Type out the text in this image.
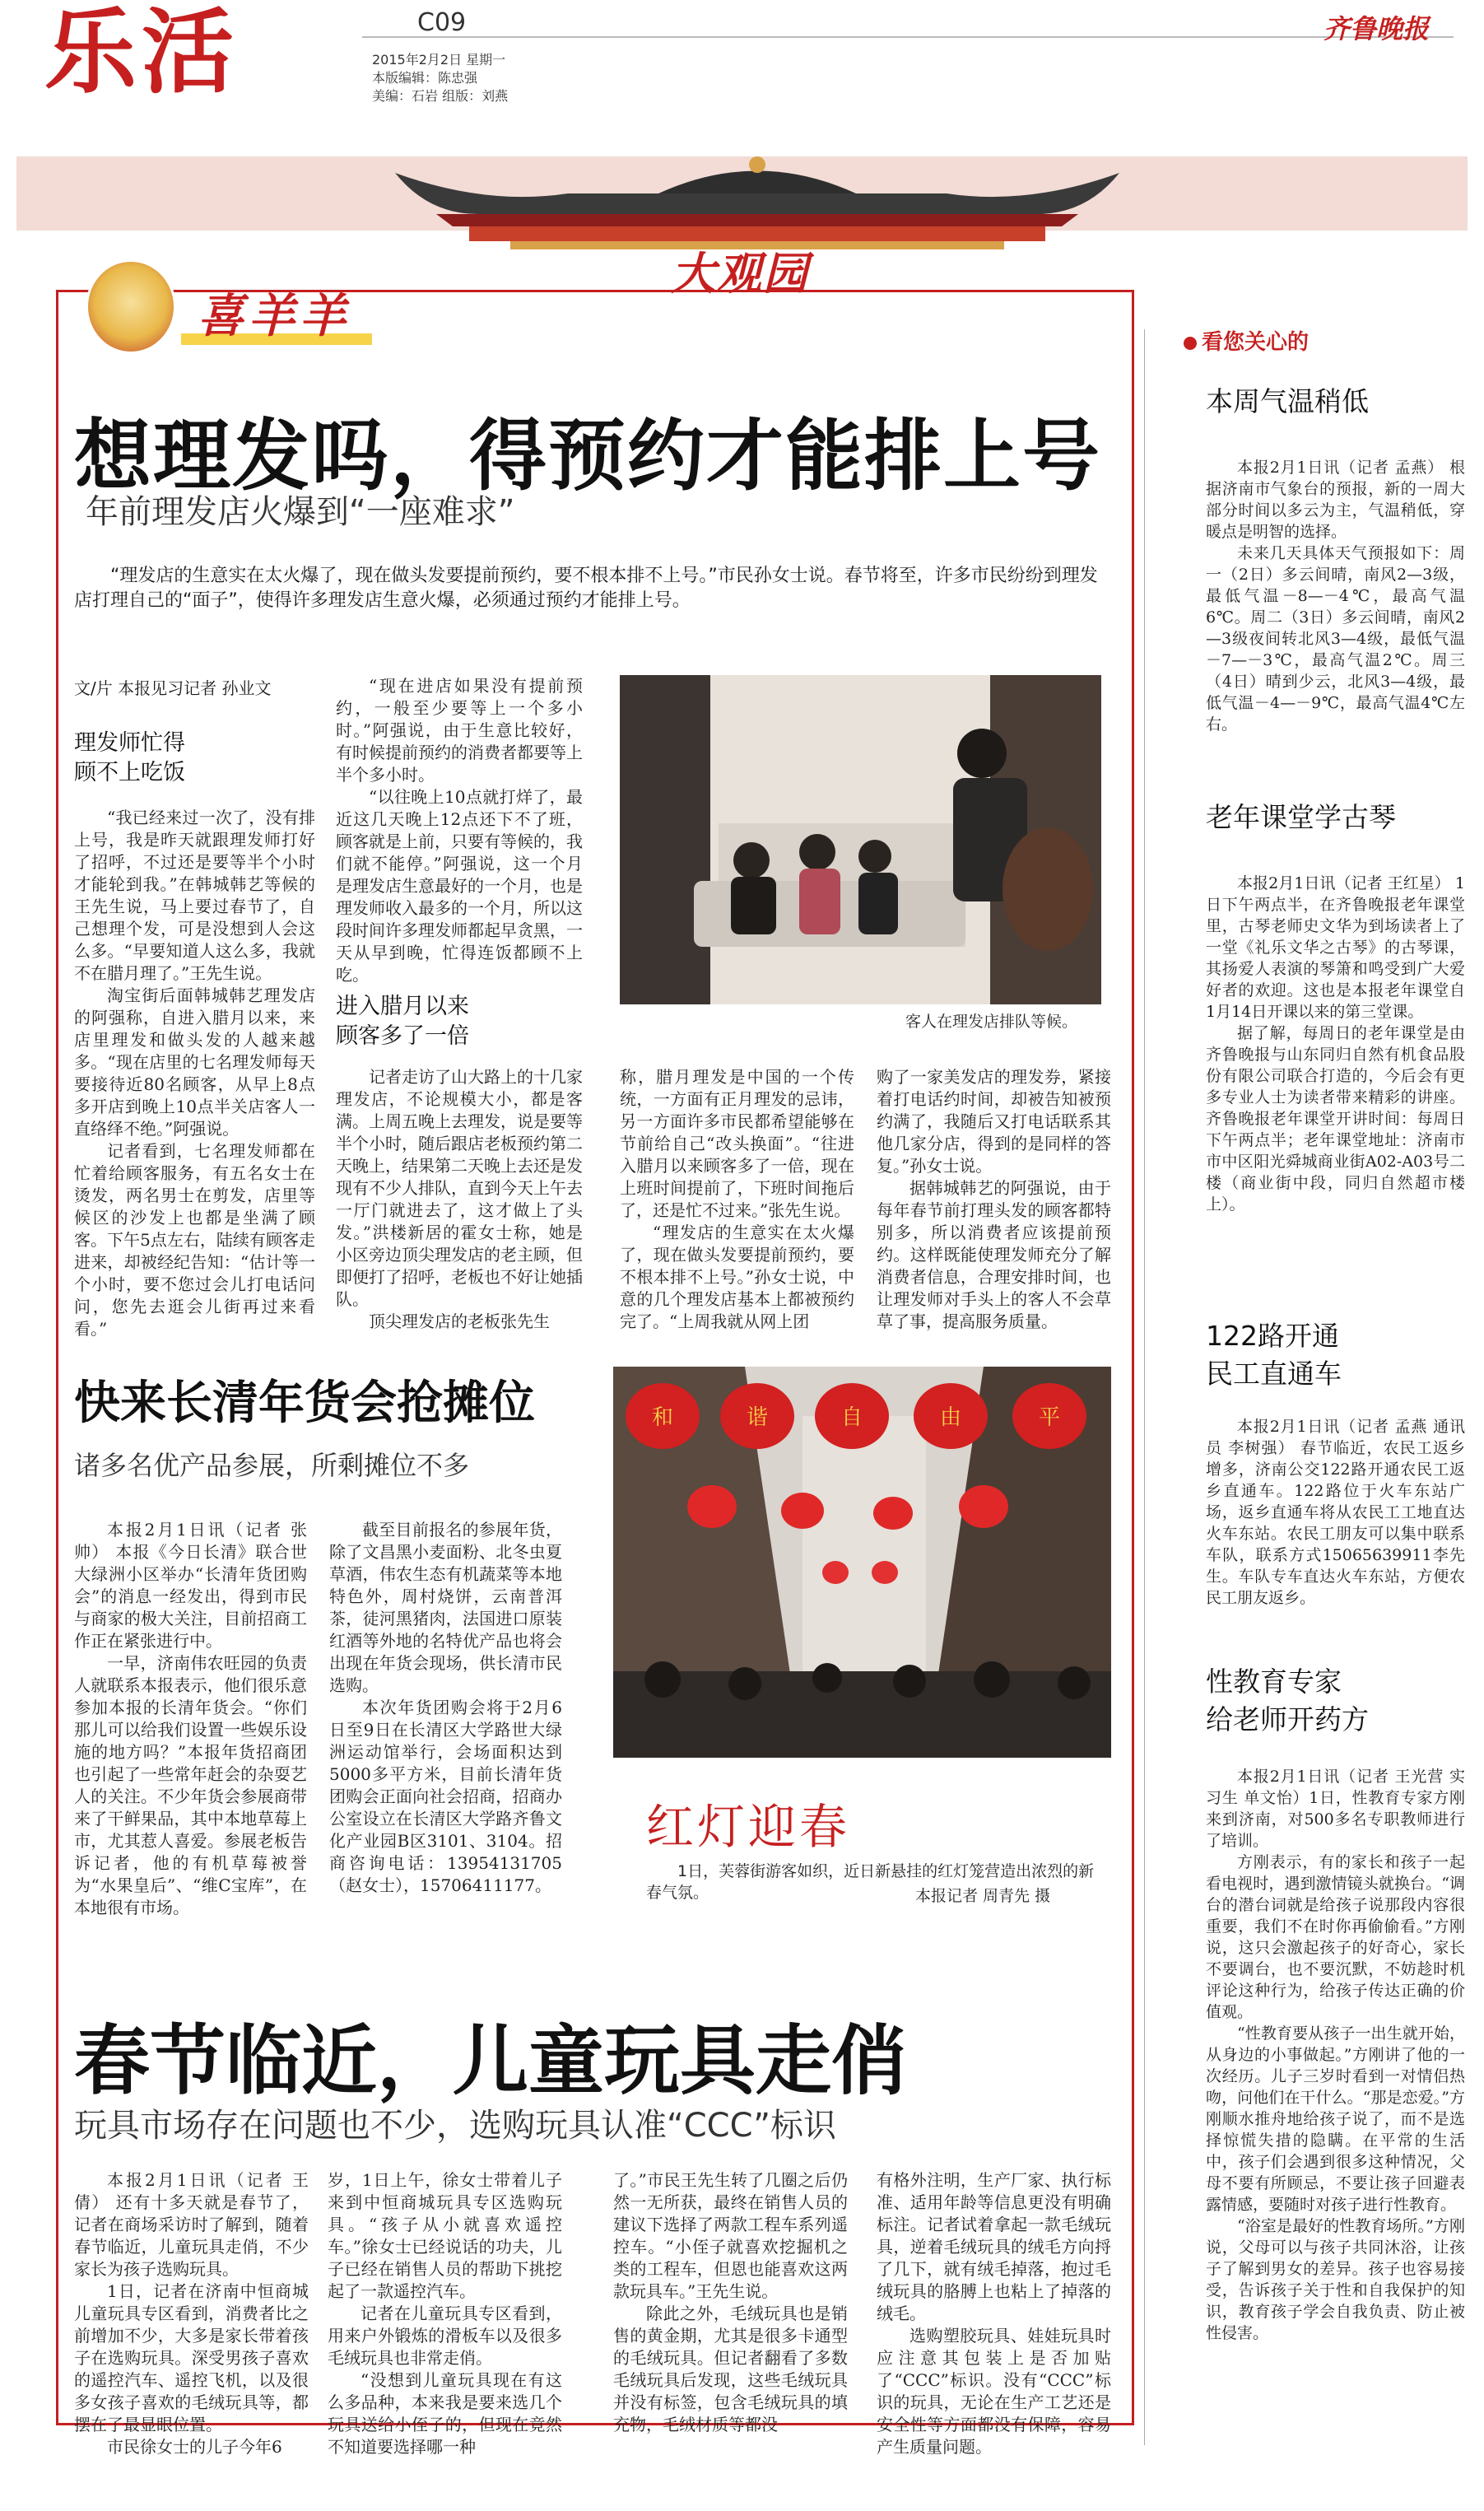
乐活	C09
2015年2月2日 星期一
本版编辑：陈忠强
美编：石岩 组版：刘燕
齐鲁晚报
大观园
喜羊羊
想理发吗，得预约才能排上号
年前理发店火爆到“一座难求”
“理发店的生意实在太火爆了，现在做头发要提前预约，要不根本排不上号。”市民孙女士说。春节将至，许多市民纷纷到理发店打理自己的“面子”，使得许多理发店生意火爆，必须通过预约才能排上号。
文/片 本报见习记者 孙业文
理发师忙得
顾不上吃饭

“我已经来过一次了，没有排上号，我是昨天就跟理发师打好了招呼，不过还是要等半个小时才能轮到我。”在韩城韩艺等候的王先生说，马上要过春节了，自己想理个发，可是没想到人会这么多。“早要知道人这么多，我就不在腊月理了。”王先生说。

淘宝街后面韩城韩艺理发店的阿强称，自进入腊月以来，来店里理发和做头发的人越来越多。“现在店里的七名理发师每天要接待近80名顾客，从早上8点多开店到晚上10点半关店客人一直络绎不绝。”阿强说。

记者看到，七名理发师都在忙着给顾客服务，有五名女士在烫发，两名男士在剪发，店里等候区的沙发上也都是坐满了顾客。下午5点左右，陆续有顾客走进来，却被经纪告知：“估计等一个小时，要不您过会儿打电话问问，您先去逛会儿街再过来看看。”

“现在进店如果没有提前预约，一般至少要等上一个多小时。”阿强说，由于生意比较好，有时候提前预约的消费者都要等上半个多小时。

“以往晚上10点就打烊了，最近这几天晚上12点还下不了班，顾客就是上前，只要有等候的，我们就不能停。”阿强说，这一个月是理发店生意最好的一个月，也是理发师收入最多的一个月，所以这段时间许多理发师都起早贪黑，一天从早到晚，忙得连饭都顾不上吃。

进入腊月以来
顾客多了一倍

记者走访了山大路上的十几家理发店，不论规模大小，都是客满。上周五晚上去理发，说是要等半个小时，随后跟店老板预约第二天晚上，结果第二天晚上去还是发现有不少人排队，直到今天上午去一厅门就进去了，这才做上了头发。”洪楼新居的霍女士称，她是小区旁边顶尖理发店的老主顾，但即便打了招呼，老板也不好让她插队。

顶尖理发店的老板张先生

客人在理发店排队等候。

称，腊月理发是中国的一个传统，一方面有正月理发的忌讳，另一方面许多市民都希望能够在节前给自己“改头换面”。“往进入腊月以来顾客多了一倍，现在上班时间提前了，下班时间拖后了，还是忙不过来。”张先生说。

“理发店的生意实在太火爆了，现在做头发要提前预约，要不根本排不上号。”孙女士说，中意的几个理发店基本上都被预约完了。“上周我就从网上团

购了一家美发店的理发券，紧接着打电话约时间，却被告知被预约满了，我随后又打电话联系其他几家分店，得到的是同样的答复。”孙女士说。

据韩城韩艺的阿强说，由于每年春节前打理头发的顾客都特别多，所以消费者应该提前预约。这样既能使理发师充分了解消费者信息，合理安排时间，也让理发师对手头上的客人不会草草了事，提高服务质量。

快来长清年货会抢摊位
诸多名优产品参展，所剩摊位不多

本报2月1日讯（记者 张帅） 本报《今日长清》联合世大绿洲小区举办“长清年货团购会”的消息一经发出，得到市民与商家的极大关注，目前招商工作正在紧张进行中。

一早，济南伟农旺园的负责人就联系本报表示，他们很乐意参加本报的长清年货会。“你们那儿可以给我们设置一些娱乐设施的地方吗？”本报年货招商团也引起了一些常年赶会的杂耍艺人的关注。不少年货会参展商带来了干鲜果品，其中本地草莓上市，尤其惹人喜爱。参展老板告诉记者，他的有机草莓被誉为“水果皇后”、“维C宝库”，在本地很有市场。

截至目前报名的参展年货，除了文昌黑小麦面粉、北冬虫夏草酒，伟农生态有机蔬菜等本地特色外，周村烧饼，云南普洱茶，徒河黑猪肉，法国进口原装红酒等外地的名特优产品也将会出现在年货会现场，供长清市民选购。

本次年货团购会将于2月6日至9日在长清区大学路世大绿洲运动馆举行，会场面积达到5000多平方米，目前长清年货团购会正面向社会招商，招商办公室设立在长清区大学路齐鲁文化产业园B区3101、3104。招商咨询电话：13954131705（赵女士），15706411177。

和	谐	自	由	平
红灯迎春
1日，芙蓉街游客如织，近日新悬挂的红灯笼营造出浓烈的新春气氛。	本报记者 周青先 摄
春节临近，儿童玩具走俏
玩具市场存在问题也不少，选购玩具认准“CCC”标识

本报2月1日讯（记者 王倩） 还有十多天就是春节了，记者在商场采访时了解到，随着春节临近，儿童玩具走俏，不少家长为孩子选购玩具。

1日，记者在济南中恒商城儿童玩具专区看到，消费者比之前增加不少，大多是家长带着孩子在选购玩具。深受男孩子喜欢的遥控汽车、遥控飞机，以及很多女孩子喜欢的毛绒玩具等，都摆在了最显眼位置。

市民徐女士的儿子今年6

岁，1日上午，徐女士带着儿子来到中恒商城玩具专区选购玩具。“孩子从小就喜欢遥控车。”徐女士已经说话的功夫，儿子已经在销售人员的帮助下挑挖起了一款遥控汽车。

记者在儿童玩具专区看到，用来户外锻炼的滑板车以及很多毛绒玩具也非常走俏。

“没想到儿童玩具现在有这么多品种，本来我是要来选几个玩具送给小侄子的，但现在竟然不知道要选择哪一种

了。”市民王先生转了几圈之后仍然一无所获，最终在销售人员的建议下选择了两款工程车系列遥控车。“小侄子就喜欢挖掘机之类的工程车，但恩也能喜欢这两款玩具车。”王先生说。

除此之外，毛绒玩具也是销售的黄金期，尤其是很多卡通型的毛绒玩具。但记者翻看了多数毛绒玩具后发现，这些毛绒玩具并没有标签，包含毛绒玩具的填充物，毛绒材质等都没

有格外注明，生产厂家、执行标准、适用年龄等信息更没有明确标注。记者试着拿起一款毛绒玩具，逆着毛绒玩具的绒毛方向捋了几下，就有绒毛掉落，抱过毛绒玩具的胳膊上也粘上了掉落的绒毛。

选购塑胶玩具、娃娃玩具时应注意其包装上是否加贴了“CCC”标识。没有“CCC”标识的玩具，无论在生产工艺还是安全性等方面都没有保障，容易产生质量问题。

看您关心的
本周气温稍低

本报2月1日讯（记者 孟燕） 根据济南市气象台的预报，新的一周大部分时间以多云为主，气温稍低，穿暖点是明智的选择。

未来几天具体天气预报如下：周一（2日）多云间晴，南风2—3级，最低气温－8—－4℃，最高气温6℃。周二（3日）多云间晴，南风2—3级夜间转北风3—4级，最低气温－7—－3℃，最高气温2℃。周三（4日）晴到少云，北风3—4级，最低气温－4—－9℃，最高气温4℃左右。

老年课堂学古琴

本报2月1日讯（记者 王红星） 1日下午两点半，在齐鲁晚报老年课堂里，古琴老师史文华为到场读者上了一堂《礼乐文华之古琴》的古琴课，其扬爱人表演的琴箫和鸣受到广大爱好者的欢迎。这也是本报老年课堂自1月14日开课以来的第三堂课。

据了解，每周日的老年课堂是由齐鲁晚报与山东同归自然有机食品股份有限公司联合打造的，今后会有更多专业人士为读者带来精彩的讲座。齐鲁晚报老年课堂开讲时间：每周日下午两点半；老年课堂地址：济南市市中区阳光舜城商业街A02-A03号二楼（商业街中段，同归自然超市楼上）。

122路开通
民工直通车

本报2月1日讯（记者 孟燕 通讯员 李树强） 春节临近，农民工返乡增多，济南公交122路开通农民工返乡直通车。122路位于火车东站广场，返乡直通车将从农民工工地直达火车东站。农民工朋友可以集中联系车队，联系方式15065639911李先生。车队专车直达火车东站，方便农民工朋友返乡。

性教育专家
给老师开药方

本报2月1日讯（记者 王光营 实习生 单文怡）1日，性教育专家方刚来到济南，对500多名专职教师进行了培训。

方刚表示，有的家长和孩子一起看电视时，遇到激情镜头就换台。“调台的潜台词就是给孩子说那段内容很重要，我们不在时你再偷偷看。”方刚说，这只会激起孩子的好奇心，家长不要调台，也不要沉默，不妨趁时机评论这种行为，给孩子传达正确的价值观。

“性教育要从孩子一出生就开始，从身边的小事做起。”方刚讲了他的一次经历。儿子三岁时看到一对情侣热吻，问他们在干什么。“那是恋爱。”方刚顺水推舟地给孩子说了，而不是选择惊慌失措的隐瞒。在平常的生活中，孩子们会遇到很多这种情况，父母不要有所顾忌，不要让孩子回避表露情感，要随时对孩子进行性教育。

“浴室是最好的性教育场所。”方刚说，父母可以与孩子共同沐浴，让孩子了解到男女的差异。孩子也容易接受，告诉孩子关于性和自我保护的知识，教育孩子学会自我负责、防止被性侵害。
